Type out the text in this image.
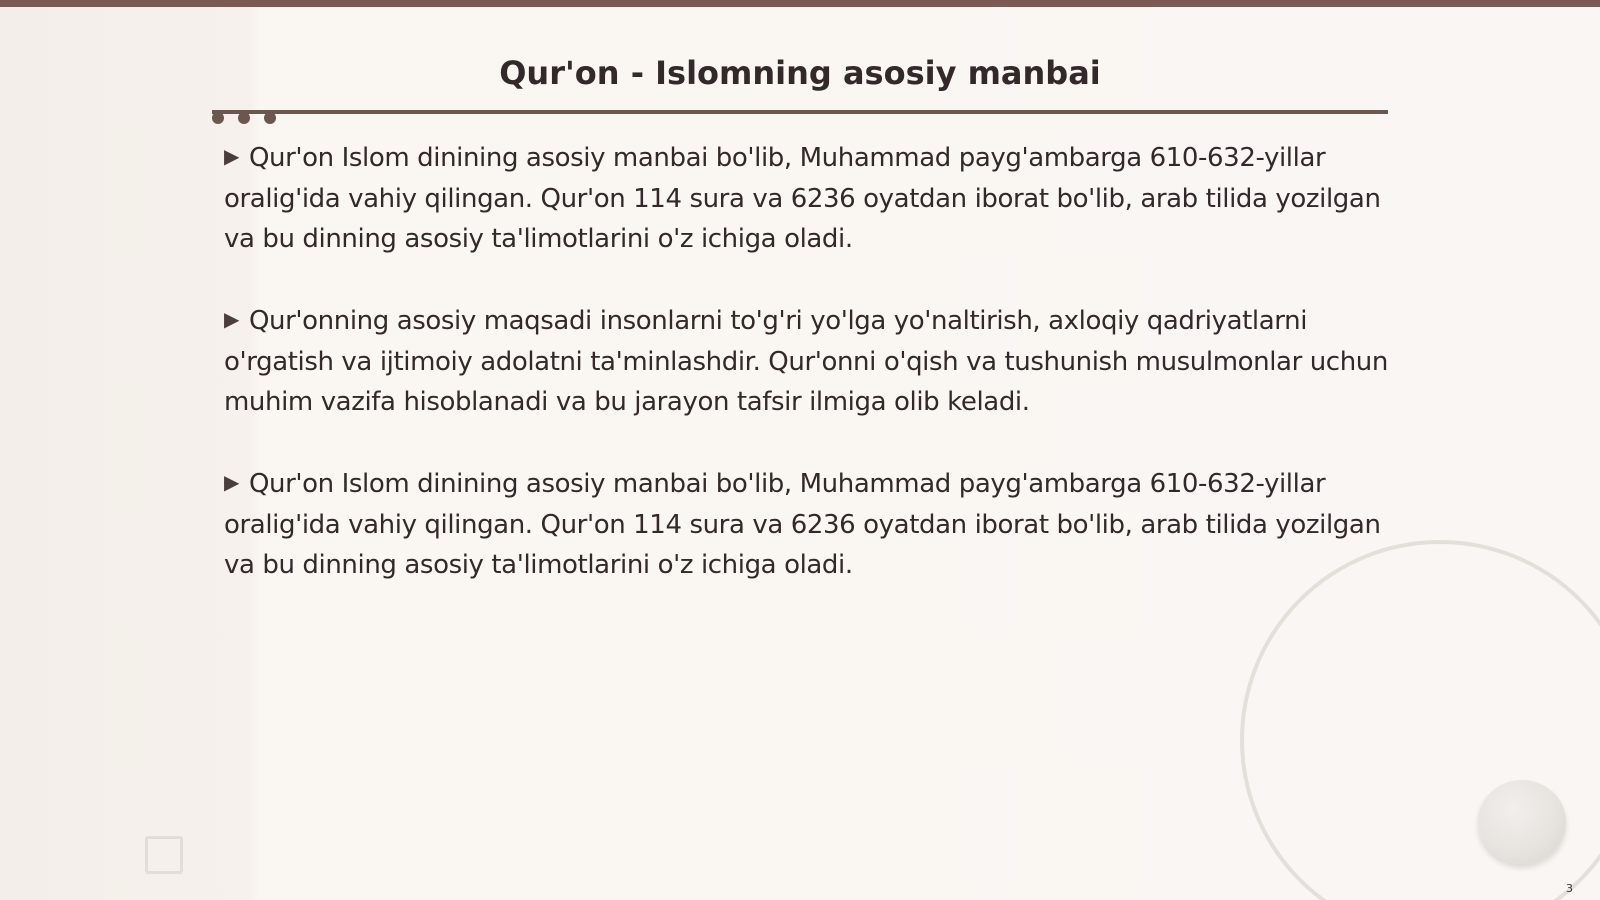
Qur'on - Islomning asosiy manbai
▶ Qur'on Islom dinining asosiy manbai bo'lib, Muhammad payg'ambarga 610-632-yillar oralig'ida vahiy qilingan. Qur'on 114 sura va 6236 oyatdan iborat bo'lib, arab tilida yozilgan va bu dinning asosiy ta'limotlarini o'z ichiga oladi.
▶ Qur'onning asosiy maqsadi insonlarni to'g'ri yo'lga yo'naltirish, axloqiy qadriyatlarni o'rgatish va ijtimoiy adolatni ta'minlashdir. Qur'onni o'qish va tushunish musulmonlar uchun muhim vazifa hisoblanadi va bu jarayon tafsir ilmiga olib keladi.
▶ Qur'on Islom dinining asosiy manbai bo'lib, Muhammad payg'ambarga 610-632-yillar oralig'ida vahiy qilingan. Qur'on 114 sura va 6236 oyatdan iborat bo'lib, arab tilida yozilgan va bu dinning asosiy ta'limotlarini o'z ichiga oladi.
3
